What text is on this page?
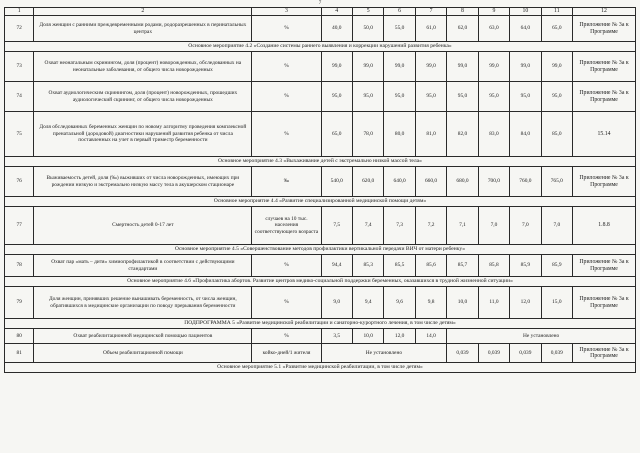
7
1	2	3	4	5	6	7	8	9	10	11	12
72	Доля женщин с ранними преждевременными родами, родоразрешенных в перинатальных центрах	%	40,0	50,0	55,0	61,0	62,0	63,0	64,0	65,0	Приложение № 3а к Программе
Основное мероприятие 4.2 «Создание системы раннего выявления и коррекции нарушений развития ребенка»											
73	Охват неонатальным скринингом, доля (процент) новорожденных, обследованных на неонатальные заболевания, от общего числа новорожденных	%	99,0	99,0	99,0	99,0	99,0	99,0	99,0	99,0	Приложение № 3а к Программе
74	Охват аудиологическим скринингом, доля (процент) новорожденных, прошедших аудиологический скрининг, от общего числа новорожденных	%	95,0	95,0	95,0	95,0	95,0	95,0	95,0	95,0	Приложение № 3а к Программе
75	Доля обследованных беременных женщин по новому алгоритму проведения комплексной пренатальной (дородовой) диагностики нарушений развития ребенка от числа поставленных на учет в первый триместр беременности	%	65,0	78,0	80,0	81,0	82,0	83,0	84,0	85,0	15.14
Основное мероприятие 4.3 «Выхаживание детей с экстремально низкой массой тела»											
76	Выживаемость детей, доля (‰) выживших от числа новорожденных, имеющих при рождении низкую и экстремально низкую массу тела в акушерском стационаре	‰	540,0	620,0	640,0	660,0	680,0	700,0	760,0	765,0	Приложение № 3а к Программе
Основное мероприятие 4.4 «Развитие специализированной медицинской помощи детям»											
77	Смертность детей 0-17 лет	случаев на 10 тыс. населения соответствующего возраста	7,5	7,4	7,3	7,2	7,1	7,0	7,0	7,0	1.8.8
Основное мероприятие 4.5 «Совершенствование методов профилактики вертикальной передачи ВИЧ от матери ребенку»											
78	Охват пар «мать – дитя» химиопрофилактикой в соответствии с действующими стандартами	%	94,4	85,3	85,5	85,6	85,7	85,8	85,9	85,9	Приложение № 3а к Программе
Основное мероприятие 4.6 «Профилактика абортов. Развитие центров медико-социальной поддержки беременных, оказавшихся в трудной жизненной ситуации»											
79	Доля женщин, принявших решение вынашивать беременность, от числа женщин, обратившихся в медицинские организации по поводу прерывания беременности	%	9,0	9,4	9,6	9,8	10,0	11,0	12,0	15,0	Приложение № 3а к Программе
ПОДПРОГРАММА 5 «Развитие медицинской реабилитации и санаторно-курортного лечения, в том числе детям»											
80	Охват реабилитационной медицинской помощью пациентов	%	3,5	10,0	12,0	14,0	Не установлено				
81	Объем реабилитационной помощи	койко-дней/1 жителя	Не установлено				0,039	0,039	0,039	0,039	Приложение № 3а к Программе
Основное мероприятие 5.1 «Развитие медицинской реабилитации, в том числе детям»											
